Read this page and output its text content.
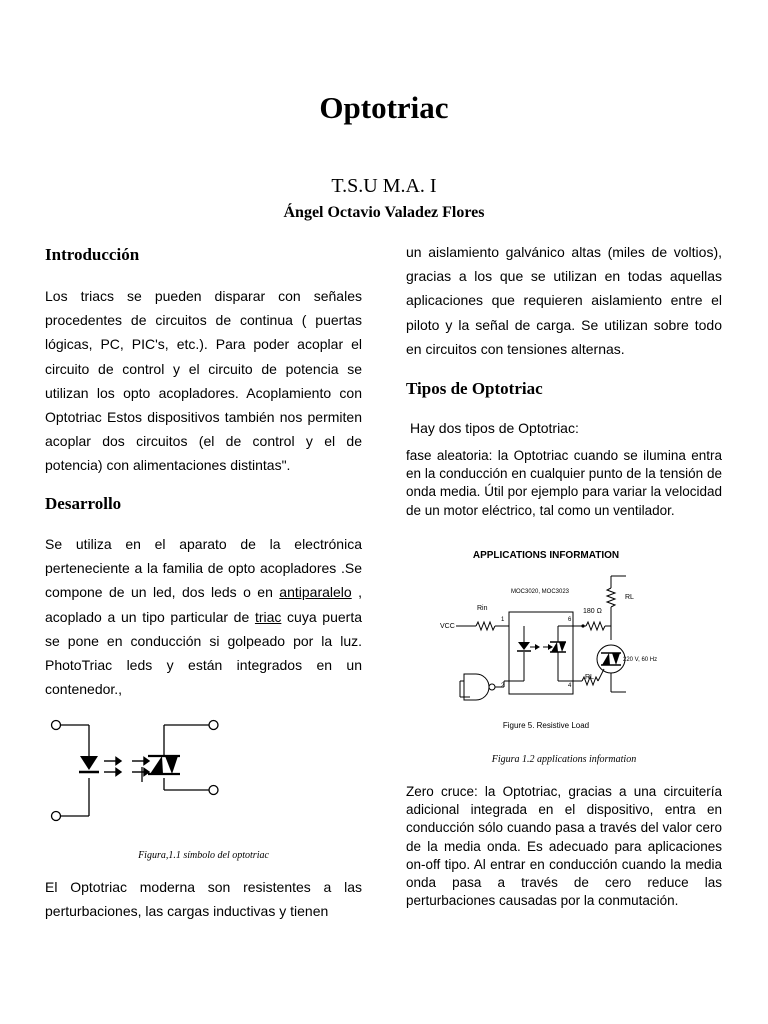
Optotriac
T.S.U M.A. I
Ángel Octavio Valadez Flores
Introducción
Los triacs se pueden disparar con señales procedentes de circuitos de continua ( puertas lógicas, PC, PIC's, etc.). Para poder acoplar el circuito de control y el circuito de potencia se utilizan los opto acopladores. Acoplamiento con Optotriac Estos dispositivos también nos permiten acoplar dos circuitos (el de control y el de potencia) con alimentaciones distintas".
Desarrollo
Se utiliza en el aparato de la electrónica perteneciente a la familia de opto acopladores .Se compone de un led, dos leds o en antiparalelo , acoplado a un tipo particular de triac cuya puerta se pone en conducción si golpeado por la luz. PhotoTriac leds y están integrados en un contenedor.,
Figura,1.1 símbolo del optotriac
El Optotriac moderna son resistentes a las perturbaciones, las cargas inductivas y tienen
un aislamiento galvánico altas (miles de voltios), gracias a los que se utilizan en todas aquellas aplicaciones que requieren aislamiento entre el piloto y la señal de carga. Se utilizan sobre todo en circuitos con tensiones alternas.
Tipos de Optotriac
Hay dos tipos de Optotriac:
fase aleatoria: la Optotriac cuando se ilumina entra en la conducción en cualquier punto de la tensión de onda media. Útil por ejemplo para variar la velocidad de un motor eléctrico, tal como un ventilador.
APPLICATIONS INFORMATION
MOC3020, MOC3023
Rin
VCC
180 Ω
RL
RL
220 V, 60 Hz
1
2	4
6
Figure 5. Resistive Load
Figura 1.2 applications information
Zero cruce: la Optotriac, gracias a una circuitería adicional integrada en el dispositivo, entra en conducción sólo cuando pasa a través del valor cero de la media onda. Es adecuado para aplicaciones on-off tipo. Al entrar en conducción cuando la media onda pasa a través de cero reduce las perturbaciones causadas por la conmutación.
